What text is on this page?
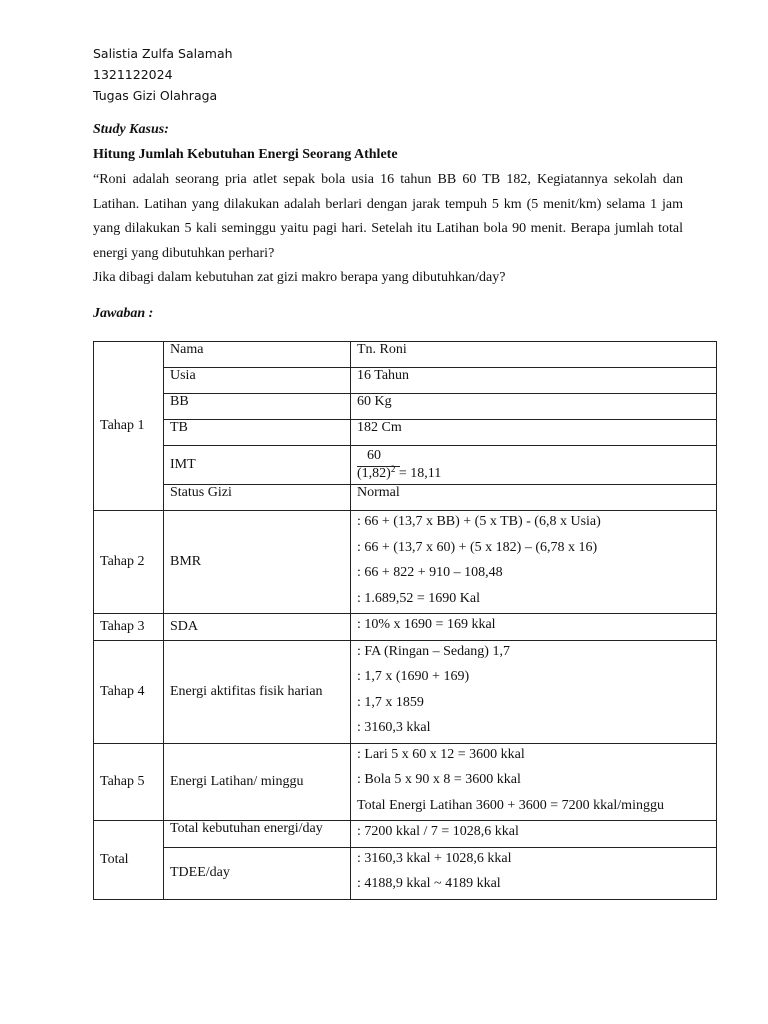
Salistia Zulfa Salamah
1321122024
Tugas Gizi Olahraga
Study Kasus:
Hitung Jumlah Kebutuhan Energi Seorang Athlete
“Roni adalah seorang pria atlet sepak bola usia 16 tahun BB 60 TB 182, Kegiatannya sekolah dan Latihan. Latihan yang dilakukan adalah berlari dengan jarak tempuh 5 km (5 menit/km) selama 1 jam yang dilakukan 5 kali seminggu yaitu pagi hari. Setelah itu Latihan bola 90 menit. Berapa jumlah total energi yang dibutuhkan perhari?
Jika dibagi dalam kebutuhan zat gizi makro berapa yang dibutuhkan/day?
Jawaban :
Tahap 1	Nama	Tn. Roni
	Usia	16 Tahun
	BB	60 Kg
	TB	182 Cm
	IMT	60
$(1,82)^2 = 18,11$

	Status Gizi	Normal
Tahap 2	BMR	: 66 + (13,7 x BB) + (5 x TB) - (6,8 x Usia)
: 66 + (13,7 x 60) + (5 x 182) – (6,78 x 16)
: 66 + 822 + 910 – 108,48
: 1.689,52 = 1690 Kal

Tahap 3	SDA	: 10% x 1690 = 169 kkal

Tahap 4	Energi aktifitas fisik harian	: FA (Ringan – Sedang) 1,7
: 1,7 x (1690 + 169)
: 1,7 x 1859
: 3160,3 kkal

Tahap 5	Energi Latihan/ minggu	: Lari 5 x 60 x 12 = 3600 kkal
: Bola 5 x 90 x 8 = 3600 kkal
Total Energi Latihan 3600 + 3600 = 7200 kkal/minggu

Total	Total kebutuhan energi/day	: 7200 kkal / 7 = 1028,6 kkal

	TDEE/day	: 3160,3 kkal + 1028,6 kkal
: 4188,9 kkal ~ 4189 kkal
